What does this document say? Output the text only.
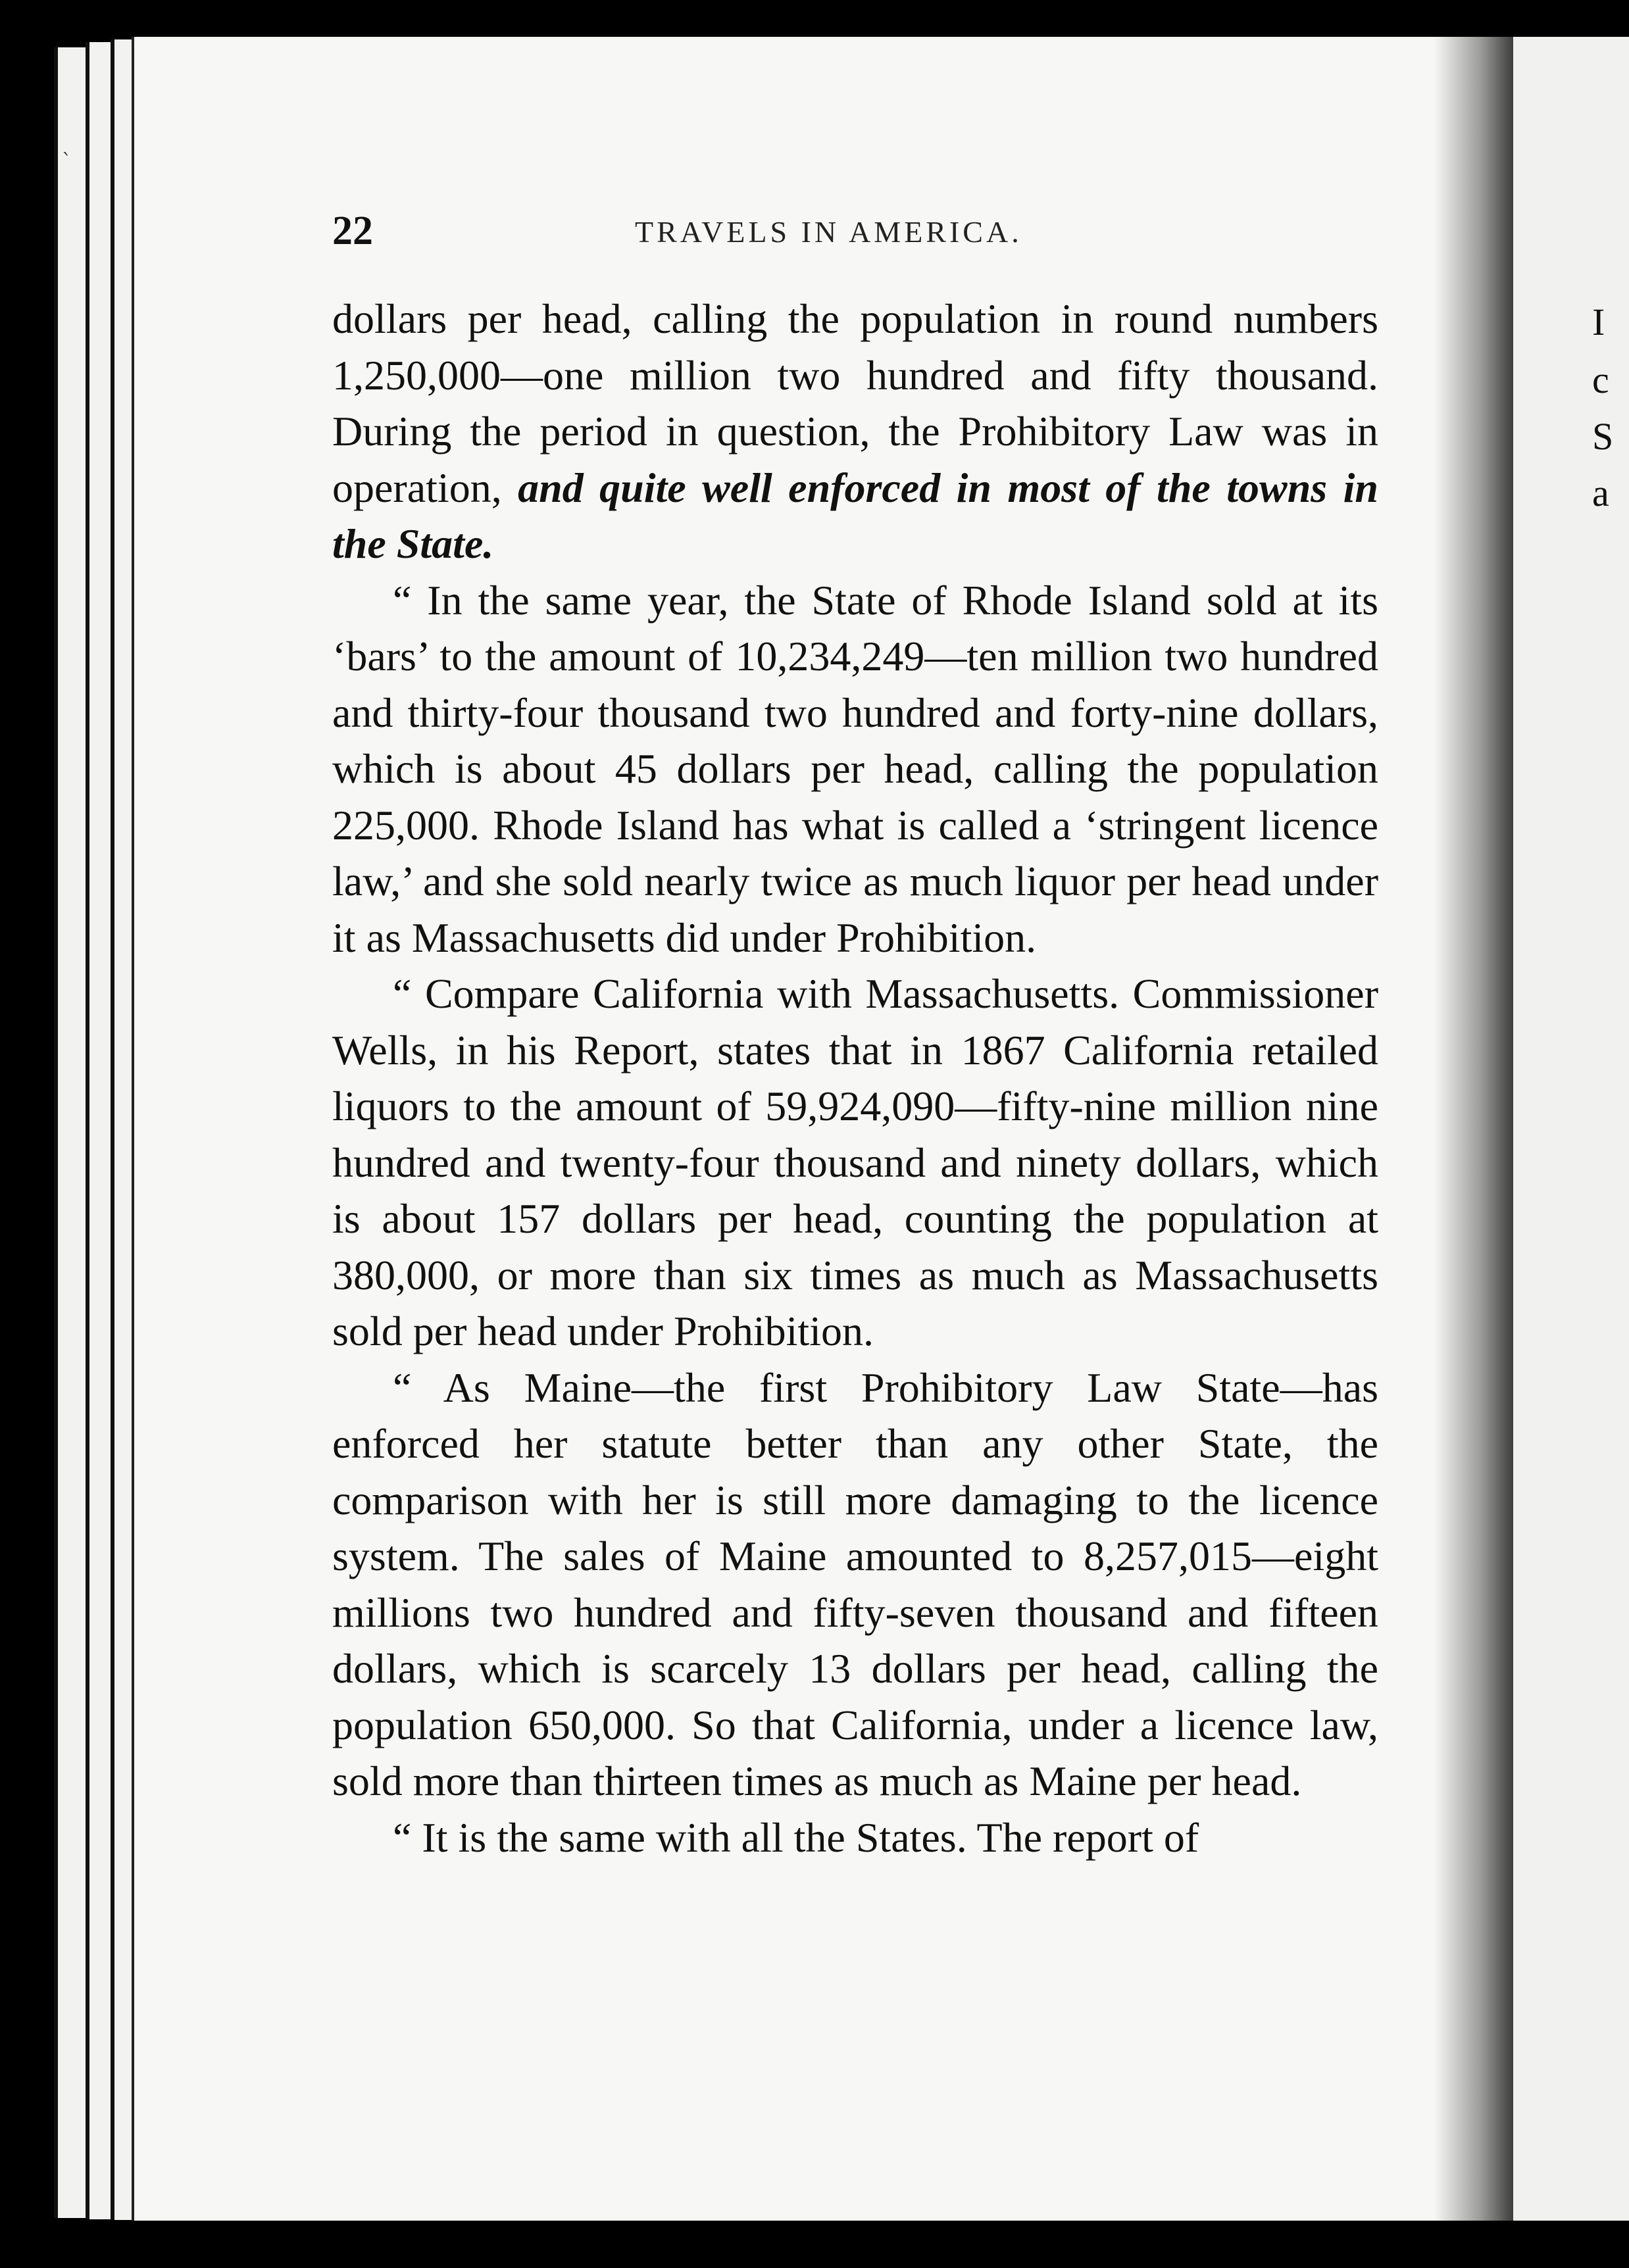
`
I
c
S
a
22	TRAVELS IN AMERICA.

dollars per head, calling the population in round numbers 1,250,000—one million two hundred and fifty thousand. During the period in question, the Prohibitory Law was in operation, and quite well enforced in most of the towns in the State.

“ In the same year, the State of Rhode Island sold at its ‘bars’ to the amount of 10,234,249—ten million two hundred and thirty-four thousand two hundred and forty-nine dollars, which is about 45 dollars per head, calling the population 225,000. Rhode Island has what is called a ‘stringent licence law,’ and she sold nearly twice as much liquor per head under it as Massachusetts did under Prohibition.

“ Compare California with Massachusetts. Commissioner Wells, in his Report, states that in 1867 California retailed liquors to the amount of 59,924,090—fifty-nine million nine hundred and twenty-four thousand and ninety dollars, which is about 157 dollars per head, counting the population at 380,000, or more than six times as much as Massachusetts sold per head under Prohibition.

“ As Maine—the first Prohibitory Law State—has enforced her statute better than any other State, the comparison with her is still more damaging to the licence system. The sales of Maine amounted to 8,257,015—eight millions two hundred and fifty-seven thousand and fifteen dollars, which is scarcely 13 dollars per head, calling the population 650,000. So that California, under a licence law, sold more than thirteen times as much as Maine per head.

“ It is the same with all the States. The report of
